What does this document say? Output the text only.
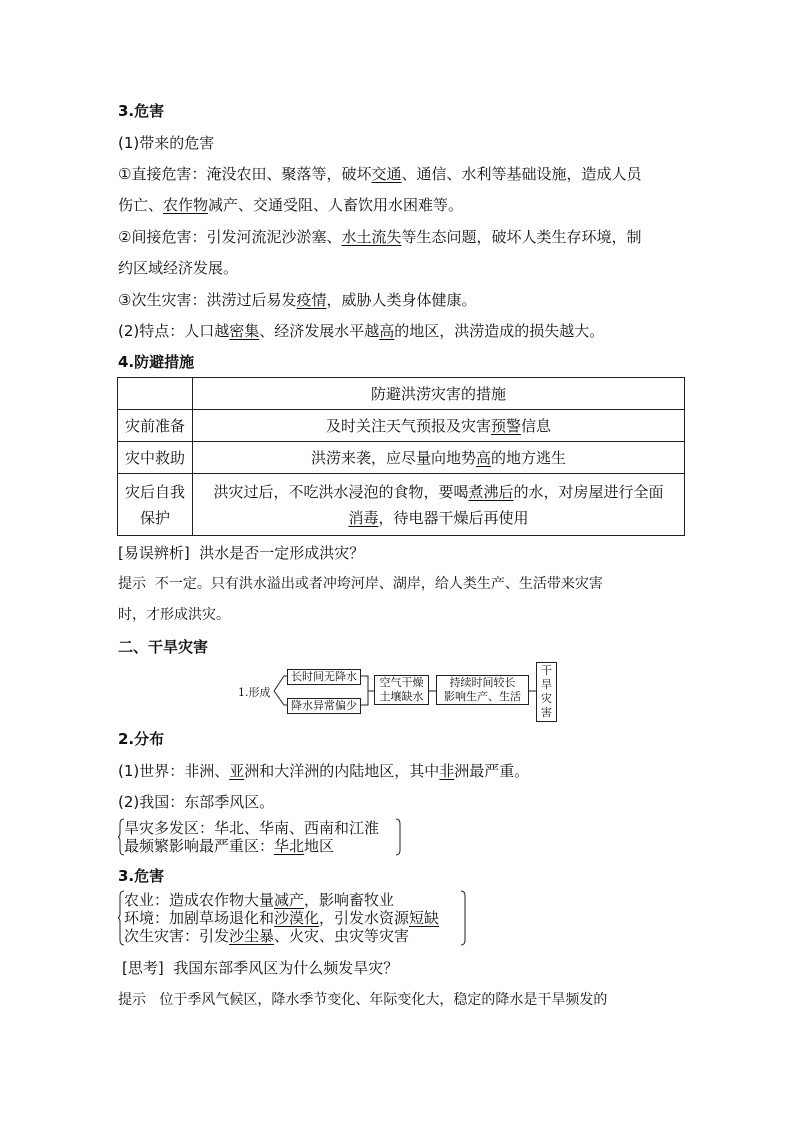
3.危害
(1)带来的危害
①直接危害：淹没农田、聚落等，破坏交通、通信、水利等基础设施，造成人员
伤亡、农作物减产、交通受阻、人畜饮用水困难等。
②间接危害：引发河流泥沙淤塞、水土流失等生态问题，破坏人类生存环境，制
约区域经济发展。
③次生灾害：洪涝过后易发疫情，威胁人类身体健康。
(2)特点：人口越密集、经济发展水平越高的地区，洪涝造成的损失越大。
4.防避措施
	防避洪涝灾害的措施
灾前准备	及时关注天气预报及灾害预警信息
灾中救助	洪涝来袭，应尽量向地势高的地方逃生
灾后自我
保护	洪灾过后，不吃洪水浸泡的食物，要喝煮沸后的水，对房屋进行全面
消毒，待电器干燥后再使用
[易误辨析] 洪水是否一定形成洪灾？
提示 不一定。只有洪水溢出或者冲垮河岸、湖岸，给人类生产、生活带来灾害
时，才形成洪灾。
二、干旱灾害
1.形成
长时间无降水
降水异常偏少
空气干燥
土壤缺水
持续时间较长
影响生产、生活
干旱灾害
2.分布
(1)世界：非洲、亚洲和大洋洲的内陆地区，其中非洲最严重。
(2)我国：东部季风区。
旱灾多发区：华北、华南、西南和江淮
最频繁影响最严重区：华北地区
3.危害
农业：造成农作物大量减产，影响畜牧业
环境：加剧草场退化和沙漠化，引发水资源短缺
次生灾害：引发沙尘暴、火灾、虫灾等灾害
[思考] 我国东部季风区为什么频发旱灾？
提示 位于季风气候区，降水季节变化、年际变化大，稳定的降水是干旱频发的
